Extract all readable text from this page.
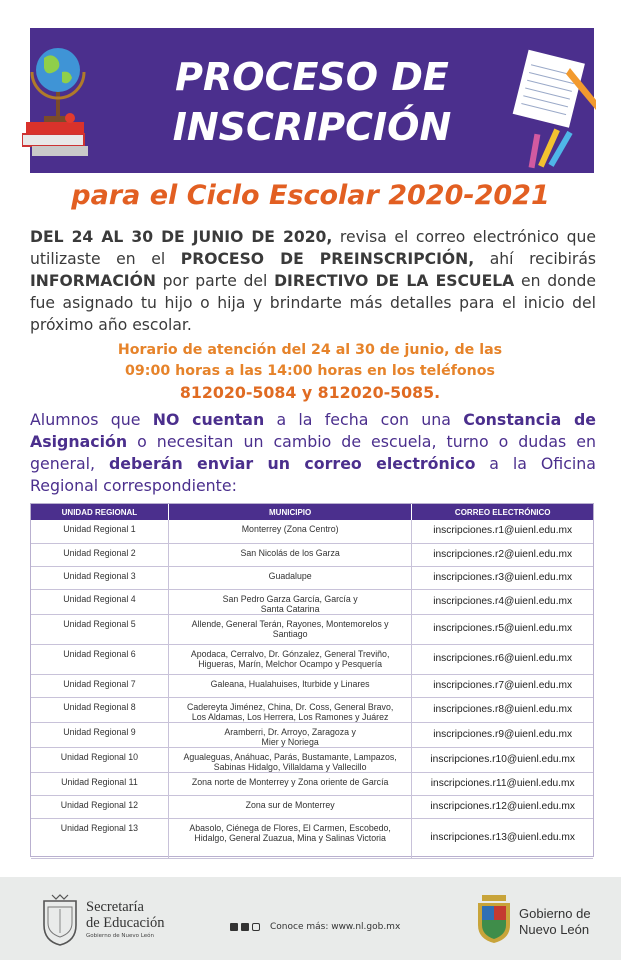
PROCESO DE
INSCRIPCIÓN
para el Ciclo Escolar 2020-2021
DEL 24 AL 30 DE JUNIO DE 2020, revisa el correo electrónico que utilizaste en el PROCESO DE PREINSCRIPCIÓN, ahí recibirás INFORMACIÓN por parte del DIRECTIVO DE LA ESCUELA en donde fue asignado tu hijo o hija y brindarte más detalles para el inicio del próximo año escolar.
Horario de atención del 24 al 30 de junio, de las
09:00 horas a las 14:00 horas en los teléfonos
812020-5084 y 812020-5085.
Alumnos que NO cuentan a la fecha con una Constancia de Asignación o necesitan un cambio de escuela, turno o dudas en general, deberán enviar un correo electrónico a la Oficina Regional correspondiente:
UNIDAD REGIONAL	MUNICIPIO	CORREO ELECTRÓNICO
Unidad Regional 1	Monterrey (Zona Centro)	inscripciones.r1@uienl.edu.mx
Unidad Regional 2	San Nicolás de los Garza	inscripciones.r2@uienl.edu.mx
Unidad Regional 3	Guadalupe	inscripciones.r3@uienl.edu.mx
Unidad Regional 4	San Pedro Garza García, García y
Santa Catarina	inscripciones.r4@uienl.edu.mx
Unidad Regional 5	Allende, General Terán, Rayones, Montemorelos y
Santiago	inscripciones.r5@uienl.edu.mx
Unidad Regional 6	Apodaca, Cerralvo, Dr. Gónzalez, General Treviño,
Higueras, Marín, Melchor Ocampo y Pesquería	inscripciones.r6@uienl.edu.mx
Unidad Regional 7	Galeana, Hualahuises, Iturbide y Linares	inscripciones.r7@uienl.edu.mx
Unidad Regional 8	Cadereyta Jiménez, China, Dr. Coss, General Bravo,
Los Aldamas, Los Herrera, Los Ramones y Juárez	inscripciones.r8@uienl.edu.mx
Unidad Regional 9	Aramberri, Dr. Arroyo, Zaragoza y
Mier y Noriega	inscripciones.r9@uienl.edu.mx
Unidad Regional 10	Agualeguas, Anáhuac, Parás, Bustamante, Lampazos,
Sabinas Hidalgo, Villaldama y Vallecillo	inscripciones.r10@uienl.edu.mx
Unidad Regional 11	Zona norte de Monterrey y Zona oriente de García	inscripciones.r11@uienl.edu.mx
Unidad Regional 12	Zona sur de Monterrey	inscripciones.r12@uienl.edu.mx
Unidad Regional 13	Abasolo, Ciénega de Flores, El Carmen, Escobedo,
Hidalgo, General Zuazua, Mina y Salinas Victoria	inscripciones.r13@uienl.edu.mx
Secretaría
de Educación
Gobierno de Nuevo León
Conoce más: www.nl.gob.mx
Gobierno de
Nuevo León
